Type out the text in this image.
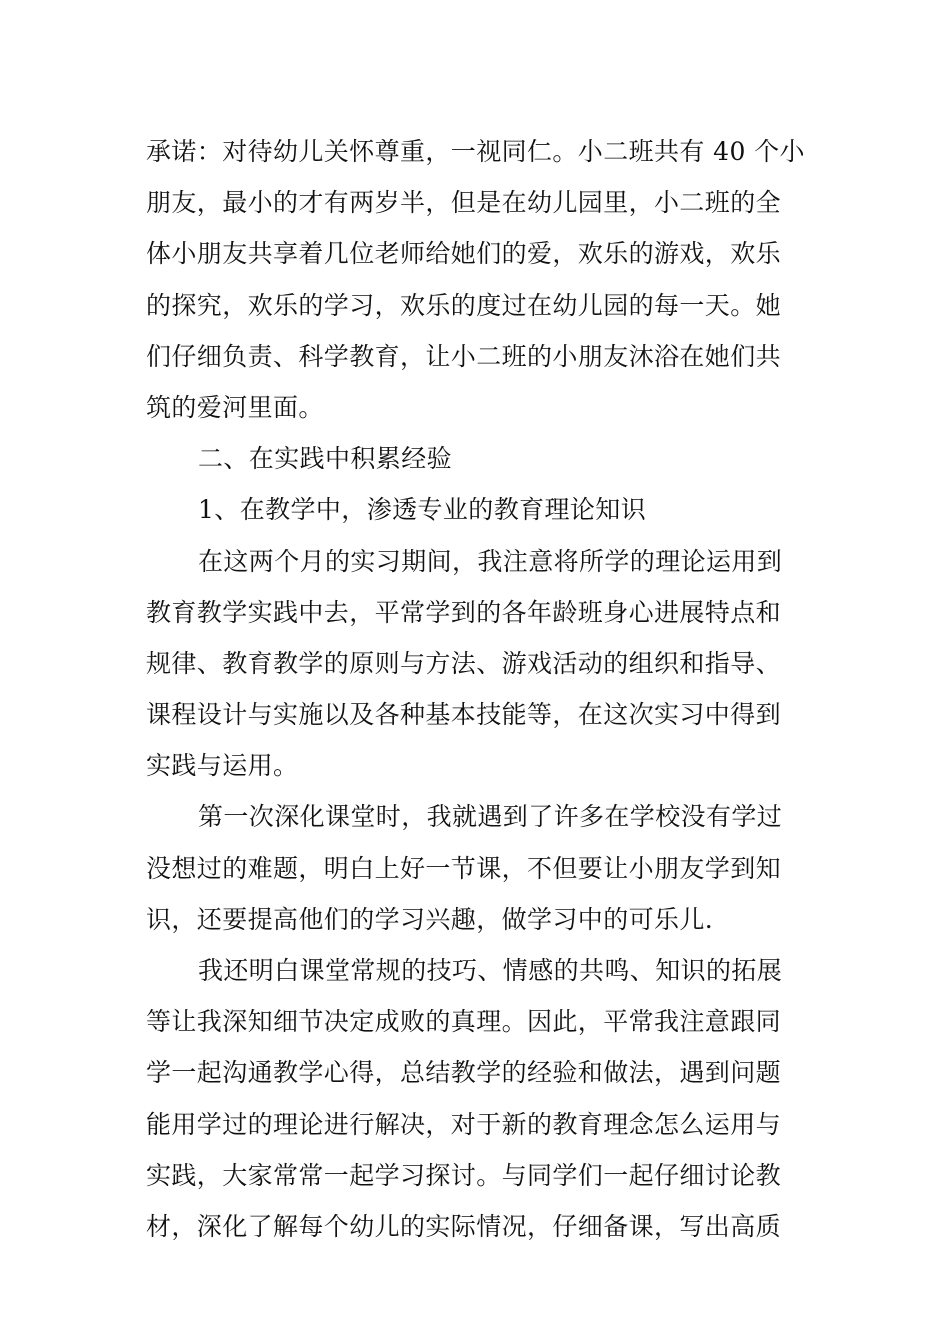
承诺：对待幼儿关怀尊重，一视同仁。小二班共有 40 个小
朋友，最小的才有两岁半，但是在幼儿园里，小二班的全
体小朋友共享着几位老师给她们的爱，欢乐的游戏，欢乐
的探究，欢乐的学习，欢乐的度过在幼儿园的每一天。她
们仔细负责、科学教育，让小二班的小朋友沐浴在她们共
筑的爱河里面。
二、在实践中积累经验
1、在教学中，渗透专业的教育理论知识
在这两个月的实习期间，我注意将所学的理论运用到
教育教学实践中去，平常学到的各年龄班身心进展特点和
规律、教育教学的原则与方法、游戏活动的组织和指导、
课程设计与实施以及各种基本技能等，在这次实习中得到
实践与运用。
第一次深化课堂时，我就遇到了许多在学校没有学过
没想过的难题，明白上好一节课，不但要让小朋友学到知
识，还要提高他们的学习兴趣，做学习中的可乐儿.
我还明白课堂常规的技巧、情感的共鸣、知识的拓展
等让我深知细节决定成败的真理。因此，平常我注意跟同
学一起沟通教学心得，总结教学的经验和做法，遇到问题
能用学过的理论进行解决，对于新的教育理念怎么运用与
实践，大家常常一起学习探讨。与同学们一起仔细讨论教
材，深化了解每个幼儿的实际情况，仔细备课，写出高质
